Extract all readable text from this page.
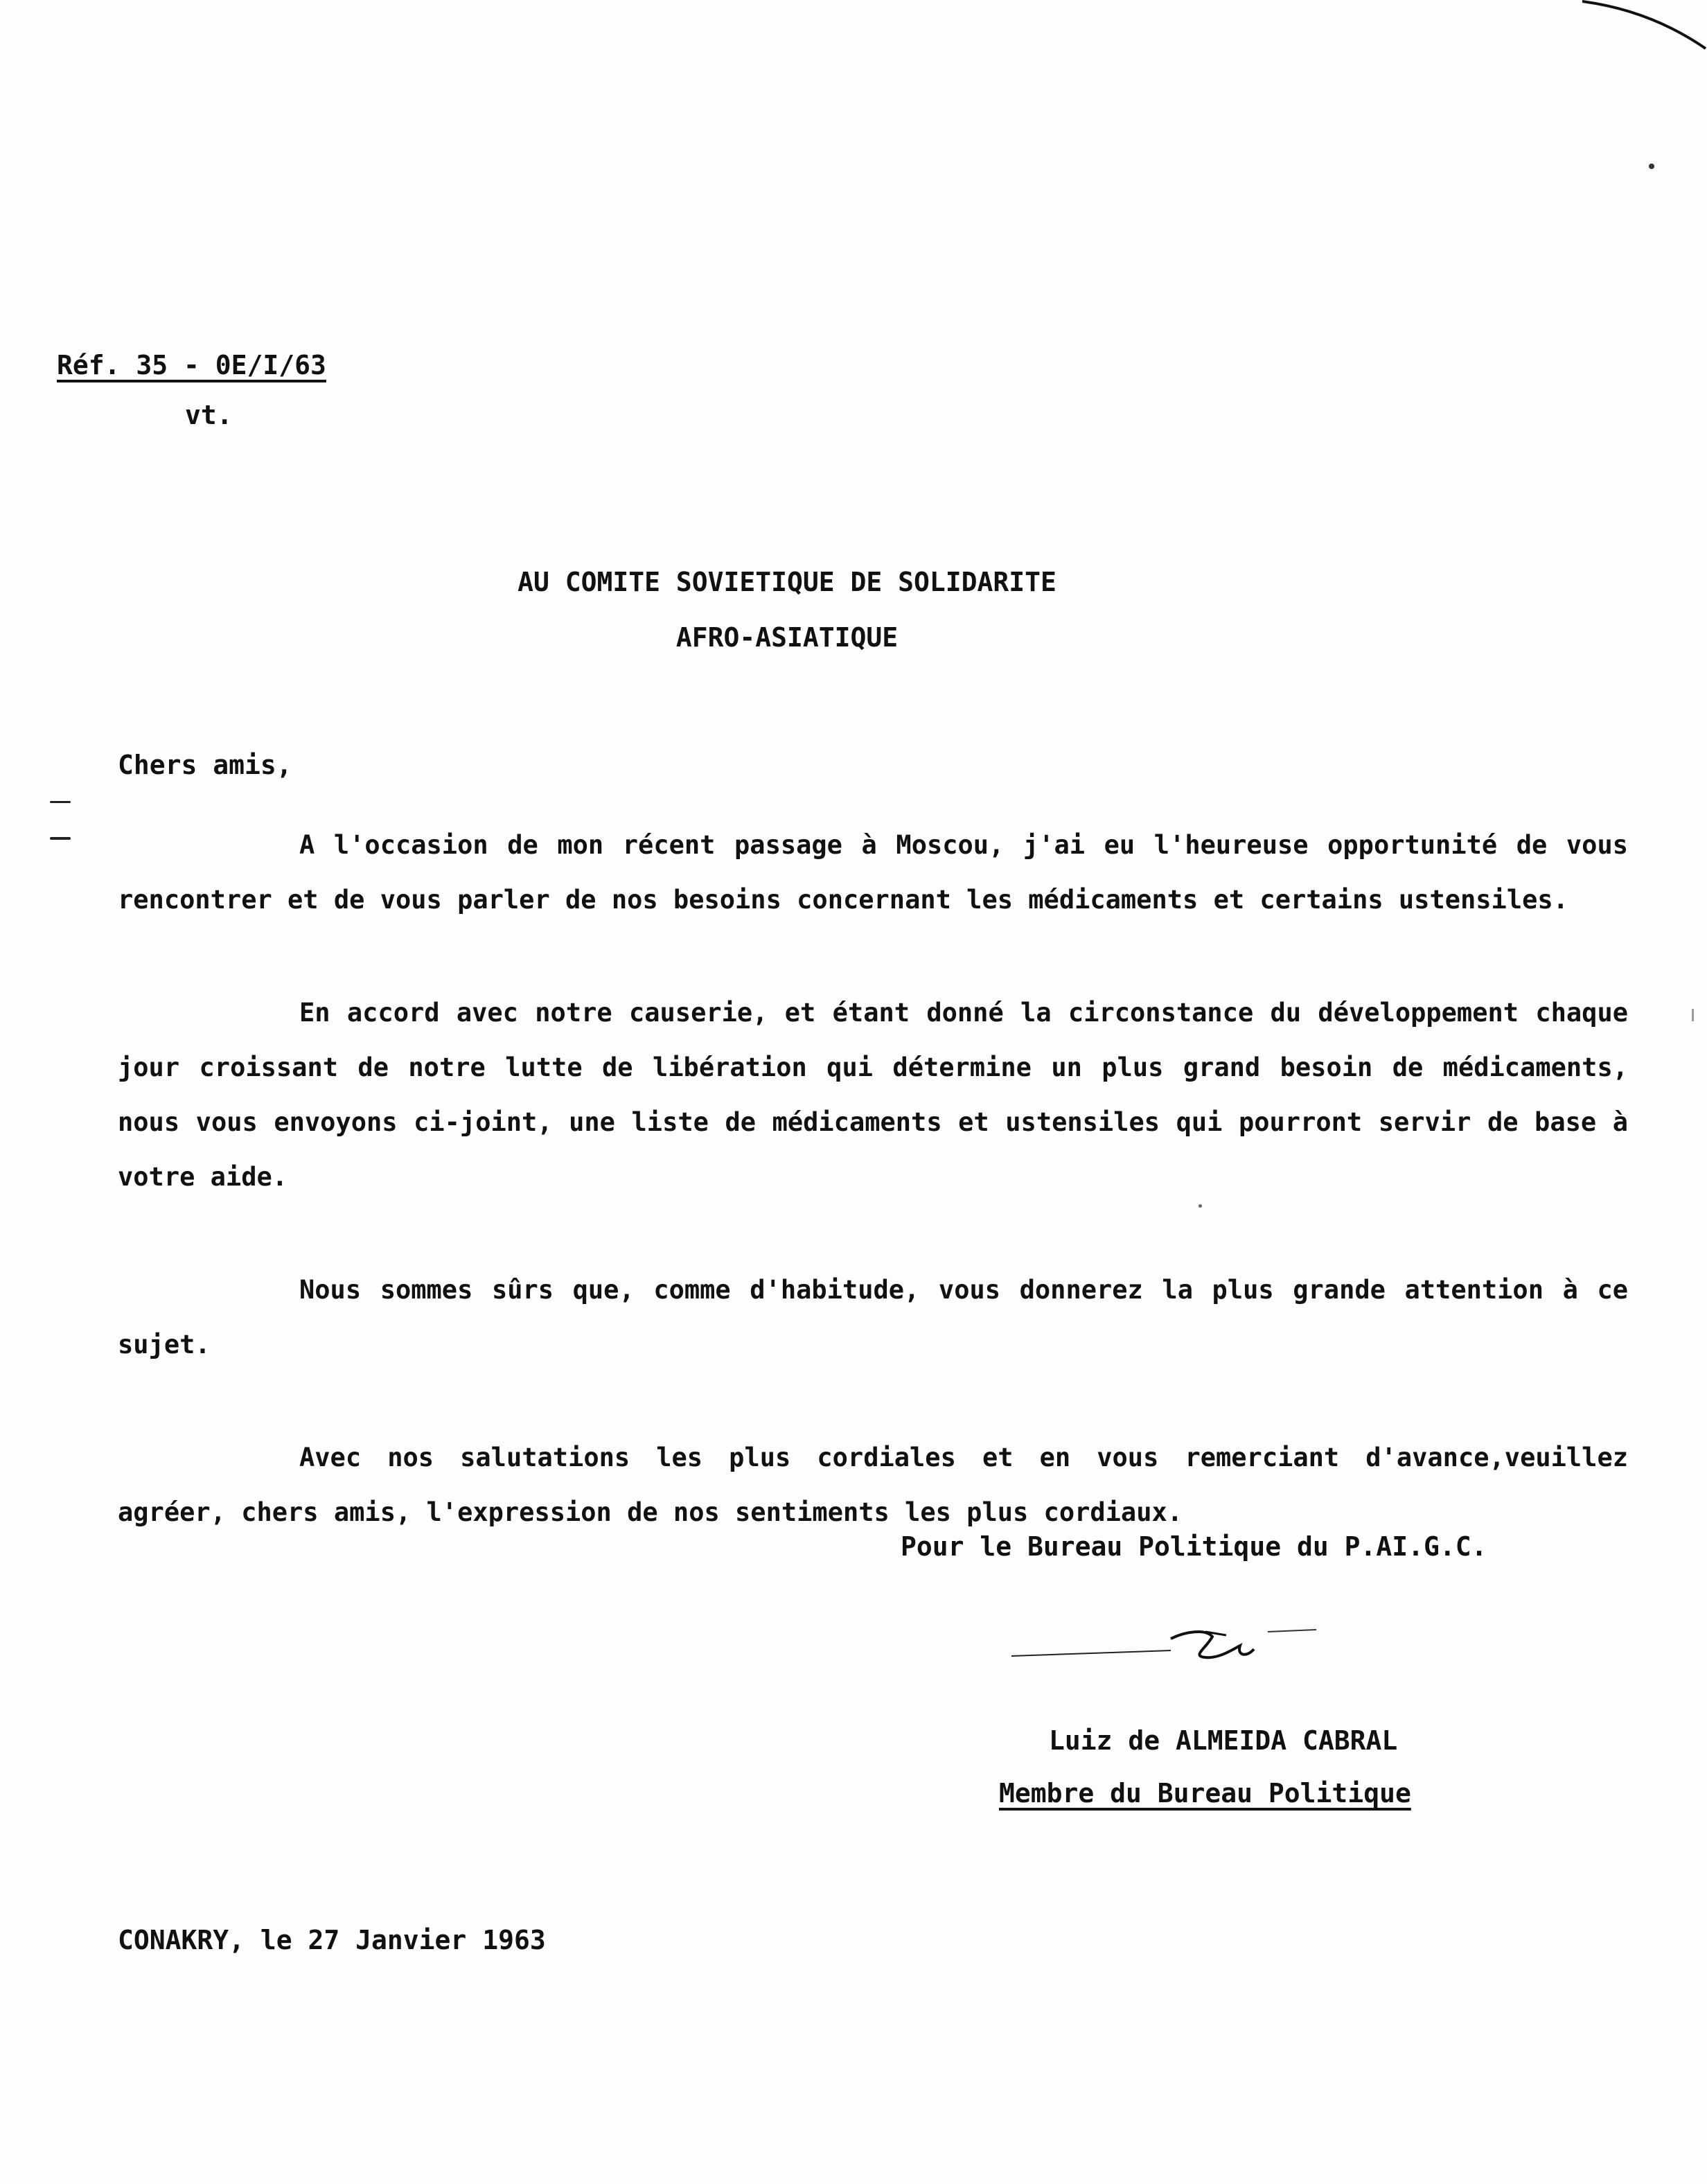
Réf. 35 - 0E/I/63
vt.
AU COMITE SOVIETIQUE DE SOLIDARITE
AFRO-ASIATIQUE
Chers amis,

A l'occasion de mon récent passage à Moscou, j'ai eu l'heureuse opportunité de vous rencontrer et de vous parler de nos besoins concernant les médicaments et certains ustensiles.

En accord avec notre causerie, et étant donné la circonstance du développement chaque jour croissant de notre lutte de libération qui détermine un plus grand besoin de médicaments, nous vous envoyons ci-joint, une liste de médicaments et ustensiles qui pourront servir de base à votre aide.

Nous sommes sûrs que, comme d'habitude, vous donnerez la plus grande attention à ce sujet.

Avec nos salutations les plus cordiales et en vous remerciant d'avance,veuillez agréer, chers amis, l'expression de nos sentiments les plus cordiaux.

Pour le Bureau Politique du P.AI.G.C.
Luiz de ALMEIDA CABRAL
Membre du Bureau Politique
CONAKRY, le 27 Janvier 1963
